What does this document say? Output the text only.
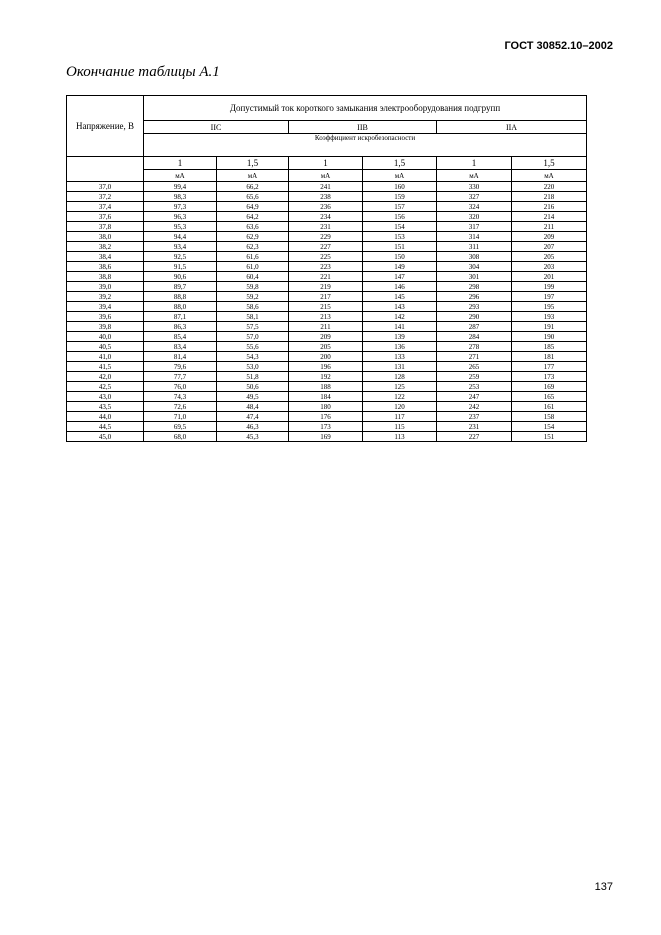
ГОСТ 30852.10–2002
Окончание таблицы А.1
Напряжение, В	Допустимый ток короткого замыкания электрооборудования подгрупп					
	IIC		IIB		IIA	
	Коэффициент искробезопасности					
	1	1,5	1	1,5	1	1,5
	мА	мА	мА	мА	мА	мА
37,0	99,4	66,2	241	160	330	220
37,2	98,3	65,6	238	159	327	218
37,4	97,3	64,9	236	157	324	216
37,6	96,3	64,2	234	156	320	214
37,8	95,3	63,6	231	154	317	211
38,0	94,4	62,9	229	153	314	209
38,2	93,4	62,3	227	151	311	207
38,4	92,5	61,6	225	150	308	205
38,6	91,5	61,0	223	149	304	203
38,8	90,6	60,4	221	147	301	201
39,0	89,7	59,8	219	146	298	199
39,2	88,8	59,2	217	145	296	197
39,4	88,0	58,6	215	143	293	195
39,6	87,1	58,1	213	142	290	193
39,8	86,3	57,5	211	141	287	191
40,0	85,4	57,0	209	139	284	190
40,5	83,4	55,6	205	136	278	185
41,0	81,4	54,3	200	133	271	181
41,5	79,6	53,0	196	131	265	177
42,0	77,7	51,8	192	128	259	173
42,5	76,0	50,6	188	125	253	169
43,0	74,3	49,5	184	122	247	165
43,5	72,6	48,4	180	120	242	161
44,0	71,0	47,4	176	117	237	158
44,5	69,5	46,3	173	115	231	154
45,0	68,0	45,3	169	113	227	151
137
